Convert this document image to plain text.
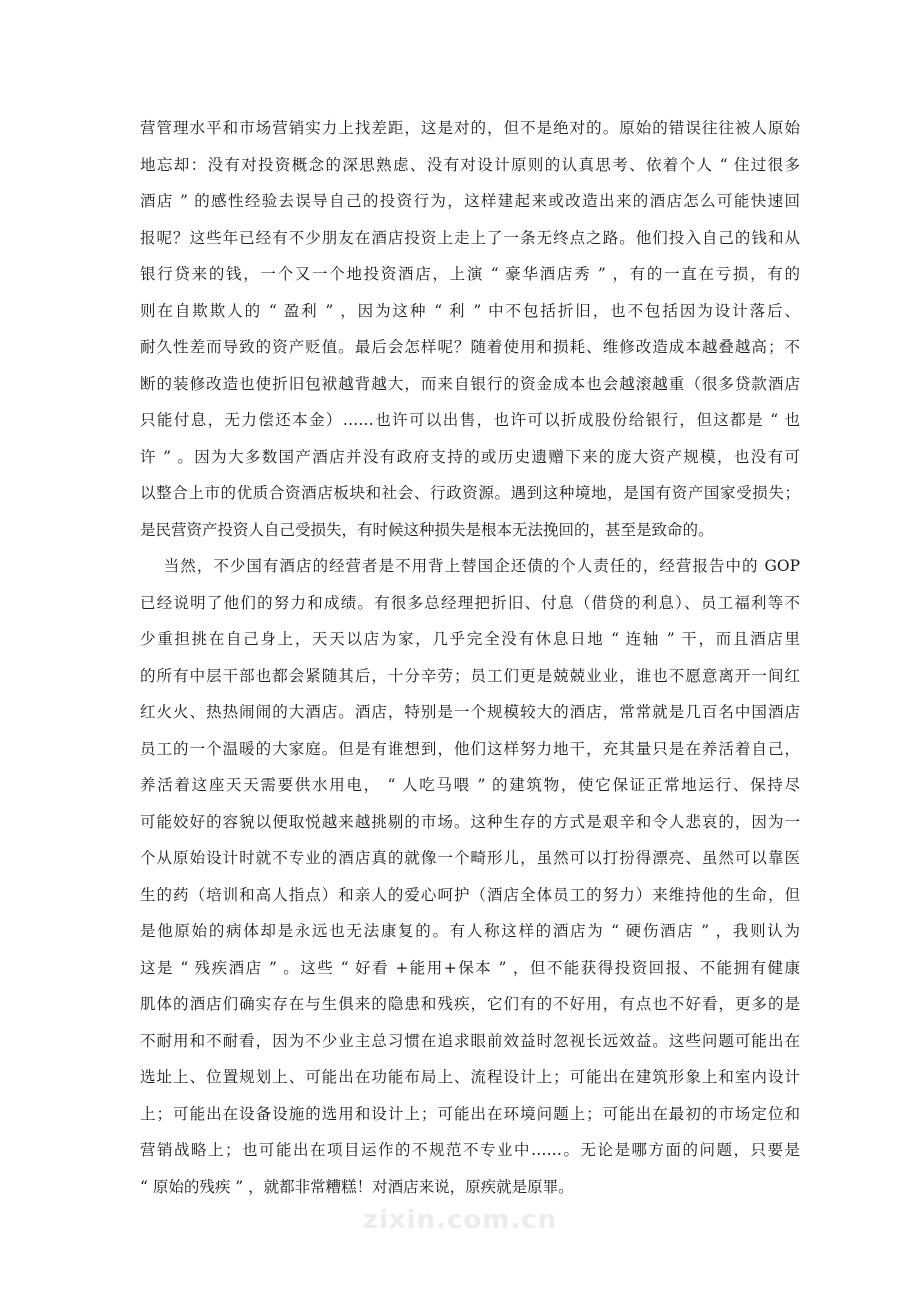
营管理水平和市场营销实力上找差距，这是对的，但不是绝对的。原始的错误往往被人原始
地忘却：没有对投资概念的深思熟虑、没有对设计原则的认真思考、依着个人 “ 住过很多
酒店 ” 的感性经验去误导自己的投资行为，这样建起来或改造出来的酒店怎么可能快速回
报呢？这些年已经有不少朋友在酒店投资上走上了一条无终点之路。他们投入自己的钱和从
银行贷来的钱，一个又一个地投资酒店，上演 “ 豪华酒店秀 ” ，有的一直在亏损，有的
则在自欺欺人的 “ 盈利 ” ，因为这种 “ 利 ” 中不包括折旧，也不包括因为设计落后、
耐久性差而导致的资产贬值。最后会怎样呢？随着使用和损耗、维修改造成本越叠越高；不
断的装修改造也使折旧包袱越背越大，而来自银行的资金成本也会越滚越重（很多贷款酒店
只能付息，无力偿还本金）……也许可以出售，也许可以折成股份给银行，但这都是 “ 也
许 ” 。因为大多数国产酒店并没有政府支持的或历史遗赠下来的庞大资产规模，也没有可
以整合上市的优质合资酒店板块和社会、行政资源。遇到这种境地，是国有资产国家受损失；
是民营资产投资人自己受损失，有时候这种损失是根本无法挽回的，甚至是致命的。
当然，不少国有酒店的经营者是不用背上替国企还债的个人责任的，经营报告中的 GOP
已经说明了他们的努力和成绩。有很多总经理把折旧、付息（借贷的利息）、员工福利等不
少重担挑在自己身上，天天以店为家，几乎完全没有休息日地 “ 连轴 ” 干，而且酒店里
的所有中层干部也都会紧随其后，十分辛劳；员工们更是兢兢业业，谁也不愿意离开一间红
红火火、热热闹闹的大酒店。酒店，特别是一个规模较大的酒店，常常就是几百名中国酒店
员工的一个温暖的大家庭。但是有谁想到，他们这样努力地干，充其量只是在养活着自己，
养活着这座天天需要供水用电， “ 人吃马喂 ” 的建筑物，使它保证正常地运行、保持尽
可能姣好的容貌以便取悦越来越挑剔的市场。这种生存的方式是艰辛和令人悲哀的，因为一
个从原始设计时就不专业的酒店真的就像一个畸形儿，虽然可以打扮得漂亮、虽然可以靠医
生的药（培训和高人指点）和亲人的爱心呵护（酒店全体员工的努力）来维持他的生命，但
是他原始的病体却是永远也无法康复的。有人称这样的酒店为 “ 硬伤酒店 ” ，我则认为
这是 “ 残疾酒店 ” 。这些 “ 好看 +能用+保本 ” ，但不能获得投资回报、不能拥有健康
肌体的酒店们确实存在与生俱来的隐患和残疾，它们有的不好用，有点也不好看，更多的是
不耐用和不耐看，因为不少业主总习惯在追求眼前效益时忽视长远效益。这些问题可能出在
选址上、位置规划上、可能出在功能布局上、流程设计上；可能出在建筑形象上和室内设计
上；可能出在设备设施的选用和设计上；可能出在环境问题上；可能出在最初的市场定位和
营销战略上；也可能出在项目运作的不规范不专业中……。无论是哪方面的问题，只要是
“ 原始的残疾 ” ，就都非常糟糕！对酒店来说，原疾就是原罪。
zixin.com.cn
